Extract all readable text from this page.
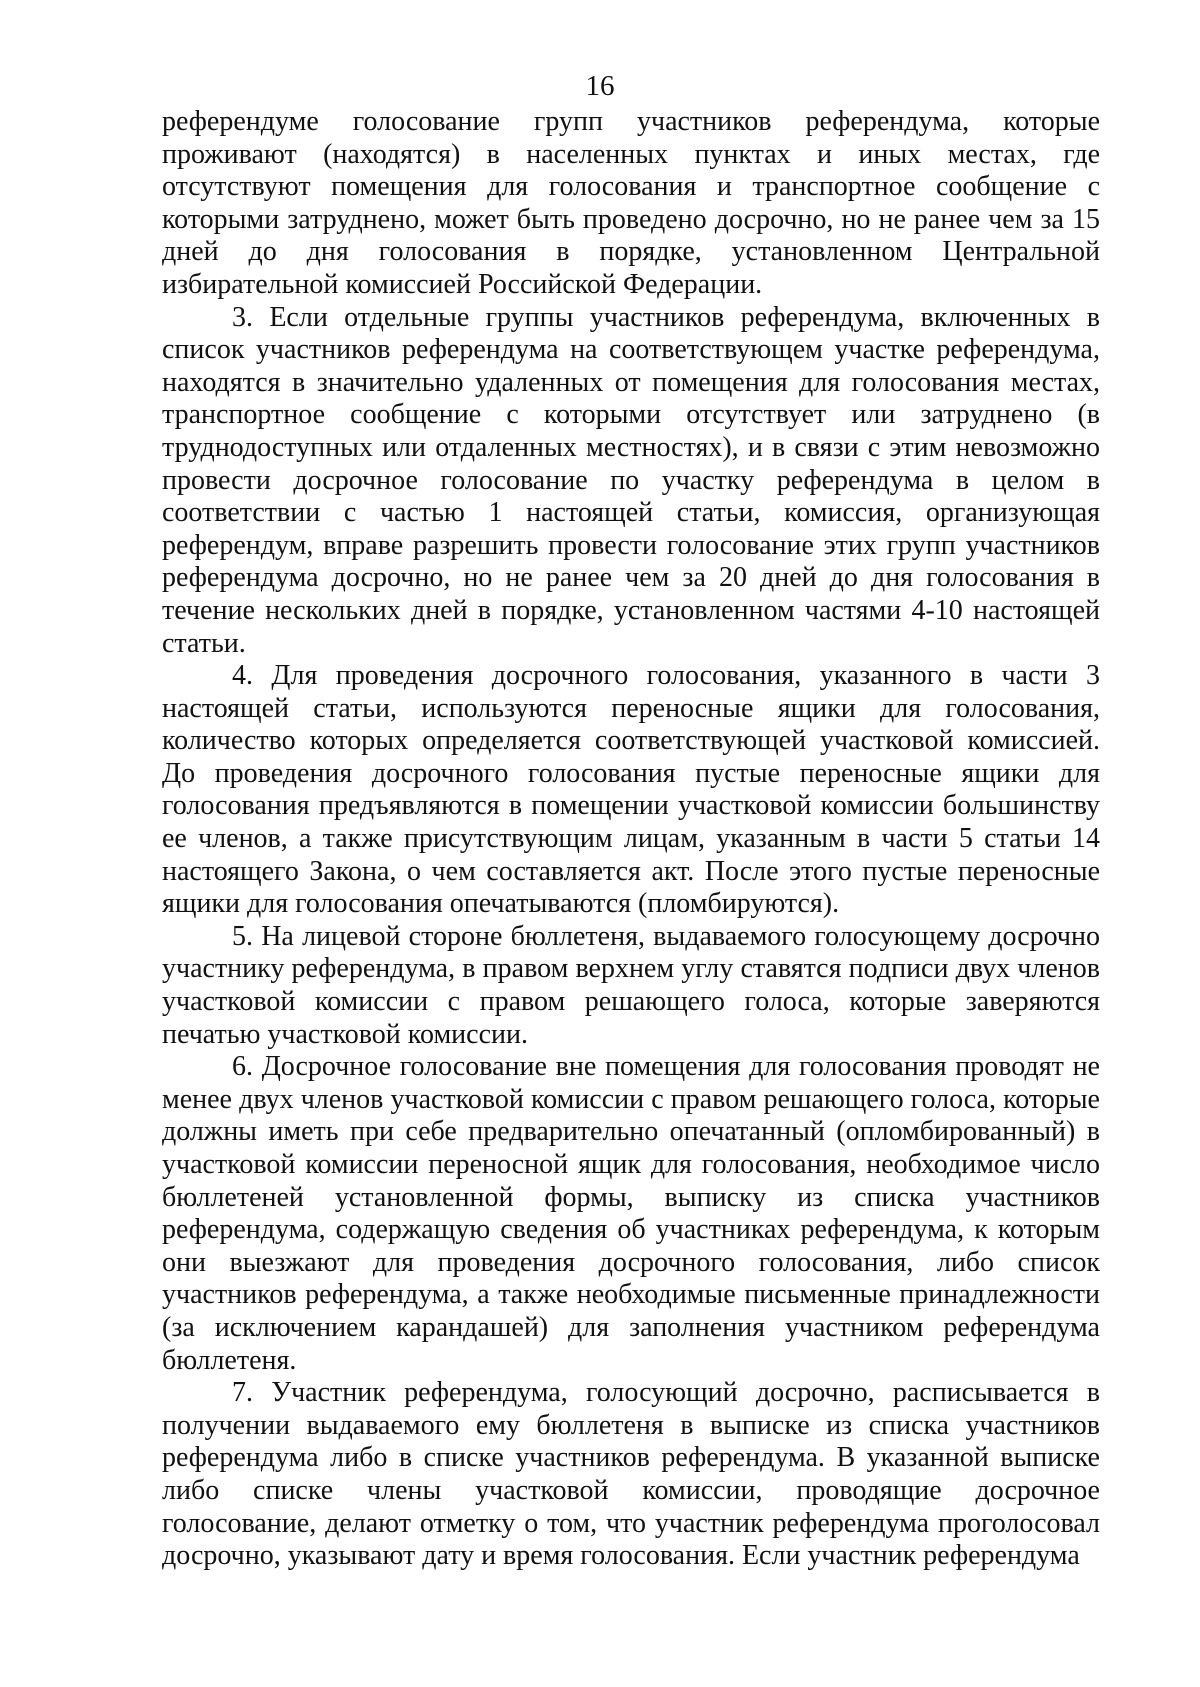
16

референдуме голосование групп участников референдума, которые проживают (находятся) в населенных пунктах и иных местах, где отсутствуют помещения для голосования и транспортное сообщение с которыми затруднено, может быть проведено досрочно, но не ранее чем за 15 дней до дня голосования в порядке, установленном Центральной избирательной комиссией Российской Федерации.

3. Если отдельные группы участников референдума, включенных в список участников референдума на соответствующем участке референдума, находятся в значительно удаленных от помещения для голосования местах, транспортное сообщение с которыми отсутствует или затруднено (в труднодоступных или отдаленных местностях), и в связи с этим невозможно провести досрочное голосование по участку референдума в целом в соответствии с частью 1 настоящей статьи, комиссия, организующая референдум, вправе разрешить провести голосование этих групп участников референдума досрочно, но не ранее чем за 20 дней до дня голосования в течение нескольких дней в порядке, установленном частями 4-10 настоящей статьи.

4. Для проведения досрочного голосования, указанного в части 3 настоящей статьи, используются переносные ящики для голосования, количество которых определяется соответствующей участковой комиссией. До проведения досрочного голосования пустые переносные ящики для голосования предъявляются в помещении участковой комиссии большинству ее членов, а также присутствующим лицам, указанным в части 5 статьи 14 настоящего Закона, о чем составляется акт. После этого пустые переносные ящики для голосования опечатываются (пломбируются).

5. На лицевой стороне бюллетеня, выдаваемого голосующему досрочно участнику референдума, в правом верхнем углу ставятся подписи двух членов участковой комиссии с правом решающего голоса, которые заверяются печатью участковой комиссии.

6. Досрочное голосование вне помещения для голосования проводят не менее двух членов участковой комиссии с правом решающего голоса, которые должны иметь при себе предварительно опечатанный (опломбированный) в участковой комиссии переносной ящик для голосования, необходимое число бюллетеней установленной формы, выписку из списка участников референдума, содержащую сведения об участниках референдума, к которым они выезжают для проведения досрочного голосования, либо список участников референдума, а также необходимые письменные принадлежности (за исключением карандашей) для заполнения участником референдума бюллетеня.

7. Участник референдума, голосующий досрочно, расписывается в получении выдаваемого ему бюллетеня в выписке из списка участников референдума либо в списке участников референдума. В указанной выписке либо списке члены участковой комиссии, проводящие досрочное голосование, делают отметку о том, что участник референдума проголосовал досрочно, указывают дату и время голосования. Если участник референдума
